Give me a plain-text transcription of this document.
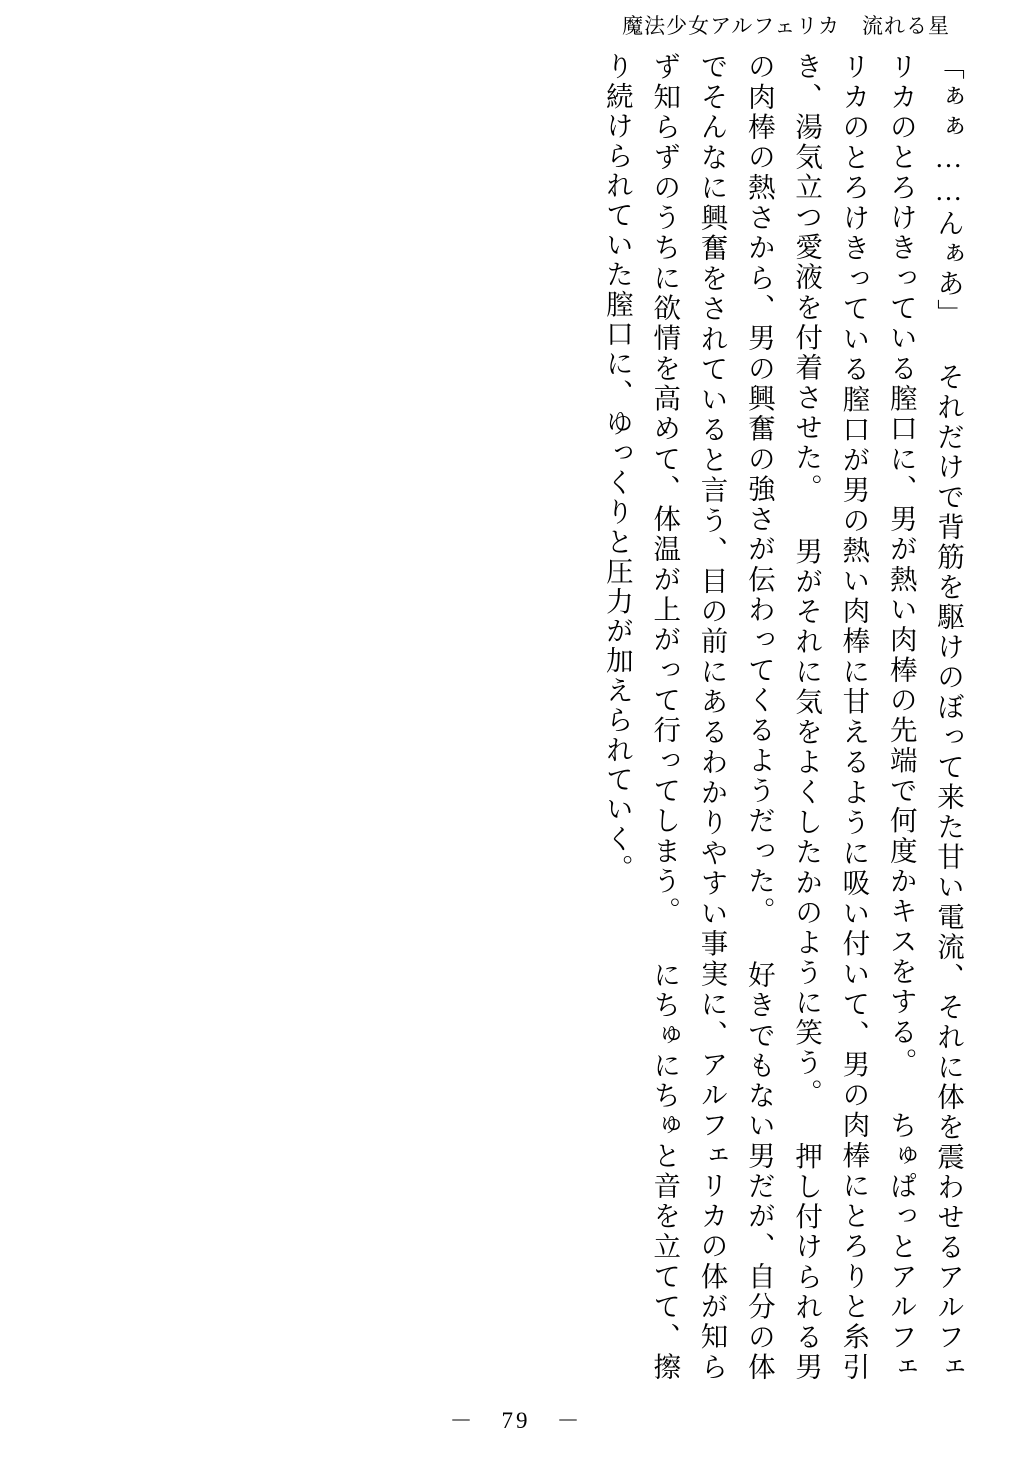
魔法少女アルフェリカ　流れる星

「ぁぁ……んぁあ」 それだけで背筋を駆けのぼって来た甘い電流、それに体を震わせるアルフェリカのとろけきっている膣口に、男が熱い肉棒の先端で何度かキスをする。 ちゅぱっとアルフェリカのとろけきっている膣口が男の熱い肉棒に甘えるように吸い付いて、男の肉棒にとろりと糸引き、湯気立つ愛液を付着させた。 男がそれに気をよくしたかのように笑う。 押し付けられる男の肉棒の熱さから、男の興奮の強さが伝わってくるようだった。 好きでもない男だが、自分の体でそんなに興奮をされていると言う、目の前にあるわかりやすい事実に、アルフェリカの体が知らず知らずのうちに欲情を高めて、体温が上がって行ってしまう。 にちゅにちゅと音を立てて、擦り続けられていた膣口に、ゆっくりと圧力が加えられていく。

－　79　－
